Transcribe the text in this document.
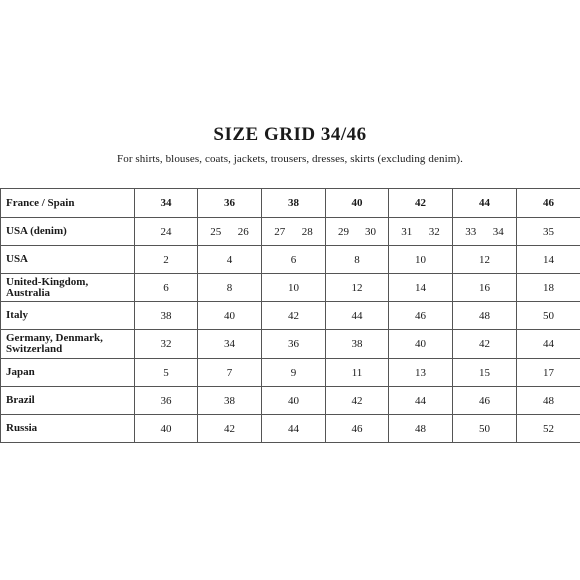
SIZE GRID 34/46
For shirts, blouses, coats, jackets, trousers, dresses, skirts (excluding denim).
France / Spain	34	36	38	40	42	44	46
USA (denim)	24	25 26	27 28	29 30	31 32	33 34	35
USA	2	4	6	8	10	12	14
United-Kingdom, Australia	6	8	10	12	14	16	18
Italy	38	40	42	44	46	48	50
Germany, Denmark, Switzerland	32	34	36	38	40	42	44
Japan	5	7	9	11	13	15	17
Brazil	36	38	40	42	44	46	48
Russia	40	42	44	46	48	50	52
